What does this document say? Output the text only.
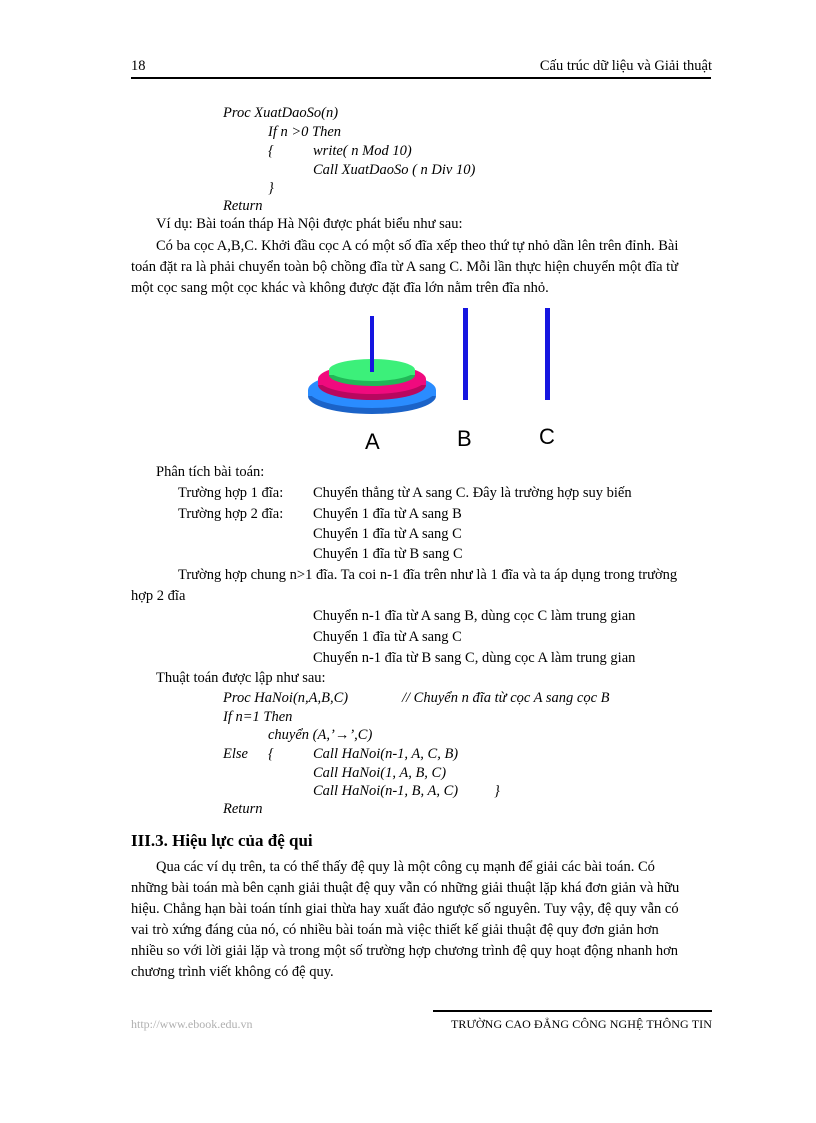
18	Cấu trúc dữ liệu và Giải thuật
Proc XuatDaoSo(n)
If n >0 Then
{	write( n Mod 10)
Call XuatDaoSo ( n Div 10)
}
Return
Ví dụ: Bài toán tháp Hà Nội được phát biểu như sau:
Có ba cọc A,B,C. Khởi đầu cọc A có một số đĩa xếp theo thứ tự nhỏ dần lên trên đỉnh. Bài
toán đặt ra là phải chuyển toàn bộ chồng đĩa từ A sang C. Mỗi lần thực hiện chuyển một đĩa từ
một cọc sang một cọc khác và không được đặt đĩa lớn nằm trên đĩa nhỏ.
A	B	C
Phân tích bài toán:
Trường hợp 1 đĩa: Chuyển thẳng từ A sang C. Đây là trường hợp suy biến
Trường hợp 2 đĩa: Chuyển 1 đĩa từ A sang B
Chuyển 1 đĩa từ A sang C
Chuyển 1 đĩa từ B sang C
Trường hợp chung n>1 đĩa. Ta coi n-1 đĩa trên như là 1 đĩa và ta áp dụng trong trường
hợp 2 đĩa
Chuyển n-1 đĩa từ A sang B, dùng cọc C làm trung gian
Chuyển 1 đĩa từ A sang C
Chuyển n-1 đĩa từ B sang C, dùng cọc A làm trung gian
Thuật toán được lập như sau:
Proc HaNoi(n,A,B,C)	// Chuyển n đĩa từ cọc A sang cọc B
If n=1 Then
chuyển (A,’→’,C)
Else {	Call HaNoi(n-1, A, C, B)
Call HaNoi(1, A, B, C)
Call HaNoi(n-1, B, A, C) }
Return
III.3. Hiệu lực của đệ qui
Qua các ví dụ trên, ta có thể thấy đệ quy là một công cụ mạnh để giải các bài toán. Có
những bài toán mà bên cạnh giải thuật đệ quy vẫn có những giải thuật lặp khá đơn giản và hữu
hiệu. Chẳng hạn bài toán tính giai thừa hay xuất đảo ngược số nguyên. Tuy vậy, đệ quy vẫn có
vai trò xứng đáng của nó, có nhiều bài toán mà việc thiết kế giải thuật đệ quy đơn giản hơn
nhiều so với lời giải lặp và trong một số trường hợp chương trình đệ quy hoạt động nhanh hơn
chương trình viết không có đệ quy.
http://www.ebook.edu.vn	TRƯỜNG CAO ĐẲNG CÔNG NGHỆ THÔNG TIN
